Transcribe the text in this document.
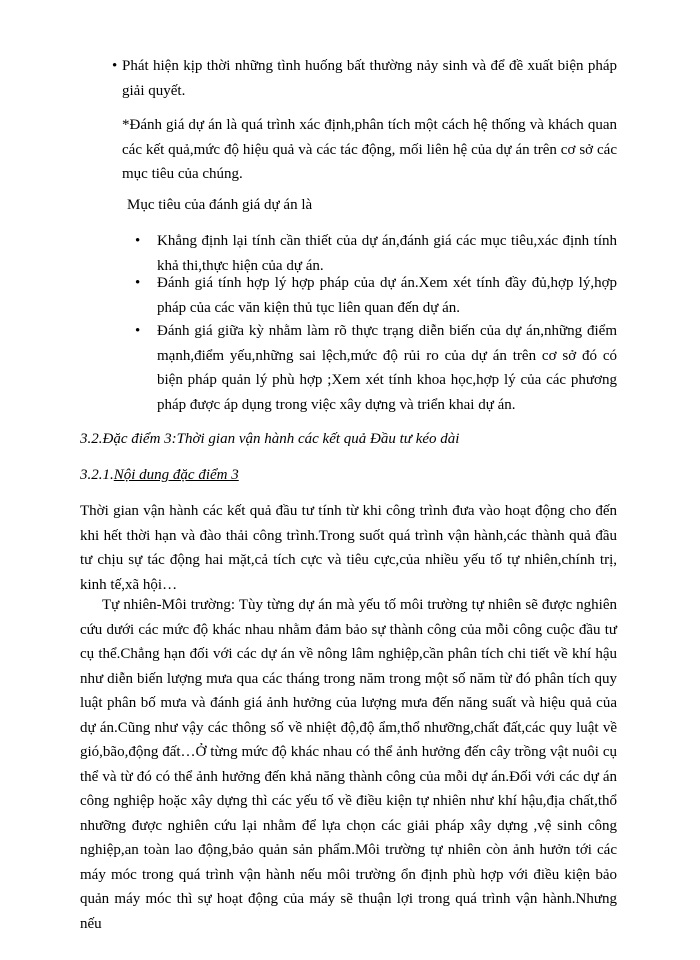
• Phát hiện kịp thời những tình huống bất thường nảy sinh và để đề xuất biện pháp giải quyết.

*Đánh giá dự án là quá trình xác định,phân tích một cách hệ thống và khách quan các kết quả,mức độ hiệu quả và các tác động, mối liên hệ của dự án trên cơ sở các mục tiêu của chúng.

Mục tiêu của đánh giá dự án là

• Khẳng định lại tính cần thiết của dự án,đánh giá các mục tiêu,xác định tính khả thi,thực hiện của dự án.

• Đánh giá tính hợp lý hợp pháp của dự án.Xem xét tính đầy đủ,hợp lý,hợp pháp của các văn kiện thủ tục liên quan đến dự án.

• Đánh giá giữa kỳ nhằm làm rõ thực trạng diễn biến của dự án,những điểm mạnh,điểm yếu,những sai lệch,mức độ rủi ro của dự án trên cơ sở đó có biện pháp quản lý phù hợp ;Xem xét tính khoa học,hợp lý của các phương pháp được áp dụng trong việc xây dựng và triển khai dự án.

3.2.Đặc điểm 3:Thời gian vận hành các kết quả Đầu tư kéo dài

3.2.1.Nội dung đặc điểm 3

Thời gian vận hành các kết quả đầu tư tính từ khi công trình đưa vào hoạt động cho đến khi hết thời hạn và đào thải công trình.Trong suốt quá trình vận hành,các thành quả đầu tư chịu sự tác động hai mặt,cả tích cực và tiêu cực,của nhiều yếu tố tự nhiên,chính trị, kinh tế,xã hội…

Tự nhiên-Môi trường: Tùy từng dự án mà yếu tố môi trường tự nhiên sẽ được nghiên cứu dưới các mức độ khác nhau nhằm đảm bảo sự thành công của mỗi công cuộc đầu tư cụ thể.Chẳng hạn đối với các dự án về nông lâm nghiệp,cần phân tích chi tiết về khí hậu như diễn biến lượng mưa qua các tháng trong năm trong một số năm từ đó phân tích quy luật phân bố mưa và đánh giá ảnh hưởng của lượng mưa đến năng suất và hiệu quả của dự án.Cũng như vậy các thông số về nhiệt độ,độ ẩm,thổ nhưỡng,chất đất,các quy luật về gió,bão,động đất…Ở từng mức độ khác nhau có thể ảnh hưởng đến cây trồng vật nuôi cụ thể và từ đó có thể ảnh hưởng đến khả năng thành công của mỗi dự án.Đối với các dự án công nghiệp hoặc xây dựng thì các yếu tố về điều kiện tự nhiên như khí hậu,địa chất,thổ nhưỡng được nghiên cứu lại nhằm để lựa chọn các giải pháp xây dựng ,vệ sinh công nghiệp,an toàn lao động,bảo quản sản phẩm.Môi trường tự nhiên còn ảnh hưởn tới các máy móc trong quá trình vận hành nếu môi trường ổn định phù hợp với điều kiện bảo quản máy móc thì sự hoạt động của máy sẽ thuận lợi trong quá trình vận hành.Nhưng nếu
